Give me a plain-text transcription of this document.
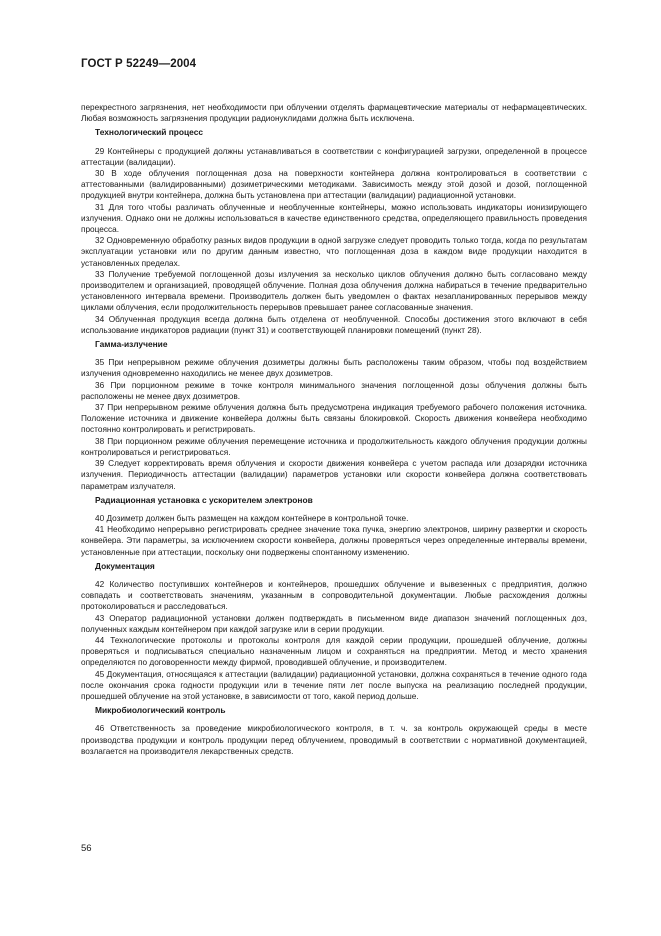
ГОСТ Р 52249—2004

перекрестного загрязнения, нет необходимости при облучении отделять фармацевтические материалы от нефармацевтических. Любая возможность загрязнения продукции радионуклидами должна быть исключена.

Технологический процесс

29 Контейнеры с продукцией должны устанавливаться в соответствии с конфигурацией загрузки, определенной в процессе аттестации (валидации).

30 В ходе облучения поглощенная доза на поверхности контейнера должна контролироваться в соответствии с аттестованными (валидированными) дозиметрическими методиками. Зависимость между этой дозой и дозой, поглощенной продукцией внутри контейнера, должна быть установлена при аттестации (валидации) радиационной установки.

31 Для того чтобы различать облученные и необлученные контейнеры, можно использовать индикаторы ионизирующего излучения. Однако они не должны использоваться в качестве единственного средства, определяющего правильность проведения процесса.

32 Одновременную обработку разных видов продукции в одной загрузке следует проводить только тогда, когда по результатам эксплуатации установки или по другим данным известно, что поглощенная доза в каждом виде продукции находится в установленных пределах.

33 Получение требуемой поглощенной дозы излучения за несколько циклов облучения должно быть согласовано между производителем и организацией, проводящей облучение. Полная доза облучения должна набираться в течение предварительно установленного интервала времени. Производитель должен быть уведомлен о фактах незапланированных перерывов между циклами облучения, если продолжительность перерывов превышает ранее согласованные значения.

34 Облученная продукция всегда должна быть отделена от необлученной. Способы достижения этого включают в себя использование индикаторов радиации (пункт 31) и соответствующей планировки помещений (пункт 28).

Гамма-излучение

35 При непрерывном режиме облучения дозиметры должны быть расположены таким образом, чтобы под воздействием излучения одновременно находились не менее двух дозиметров.

36 При порционном режиме в точке контроля минимального значения поглощенной дозы облучения должны быть расположены не менее двух дозиметров.

37 При непрерывном режиме облучения должна быть предусмотрена индикация требуемого рабочего положения источника. Положение источника и движение конвейера должны быть связаны блокировкой. Скорость движения конвейера необходимо постоянно контролировать и регистрировать.

38 При порционном режиме облучения перемещение источника и продолжительность каждого облучения продукции должны контролироваться и регистрироваться.

39 Следует корректировать время облучения и скорости движения конвейера с учетом распада или дозарядки источника излучения. Периодичность аттестации (валидации) параметров установки или скорости конвейера должна соответствовать параметрам излучателя.

Радиационная установка с ускорителем электронов

40 Дозиметр должен быть размещен на каждом контейнере в контрольной точке.

41 Необходимо непрерывно регистрировать среднее значение тока пучка, энергию электронов, ширину развертки и скорость конвейера. Эти параметры, за исключением скорости конвейера, должны проверяться через определенные интервалы времени, установленные при аттестации, поскольку они подвержены спонтанному изменению.

Документация

42 Количество поступивших контейнеров и контейнеров, прошедших облучение и вывезенных с предприятия, должно совпадать и соответствовать значениям, указанным в сопроводительной документации. Любые расхождения должны протоколироваться и расследоваться.

43 Оператор радиационной установки должен подтверждать в письменном виде диапазон значений поглощенных доз, полученных каждым контейнером при каждой загрузке или в серии продукции.

44 Технологические протоколы и протоколы контроля для каждой серии продукции, прошедшей облучение, должны проверяться и подписываться специально назначенным лицом и сохраняться на предприятии. Метод и место хранения определяются по договоренности между фирмой, проводившей облучение, и производителем.

45 Документация, относящаяся к аттестации (валидации) радиационной установки, должна сохраняться в течение одного года после окончания срока годности продукции или в течение пяти лет после выпуска на реализацию последней продукции, прошедшей облучение на этой установке, в зависимости от того, какой период дольше.

Микробиологический контроль

46 Ответственность за проведение микробиологического контроля, в т. ч. за контроль окружающей среды в месте производства продукции и контроль продукции перед облучением, проводимый в соответствии с нормативной документацией, возлагается на производителя лекарственных средств.

56
